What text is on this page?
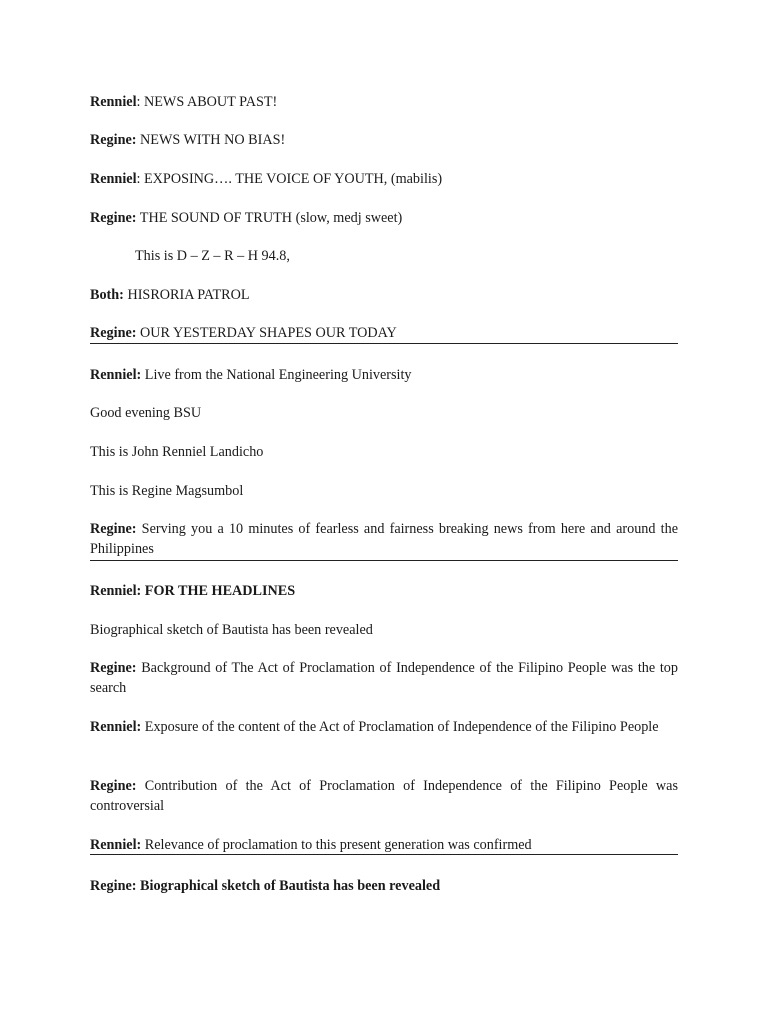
Renniel: NEWS ABOUT PAST!
Regine: NEWS WITH NO BIAS!
Renniel: EXPOSING…. THE VOICE OF YOUTH, (mabilis)
Regine: THE SOUND OF TRUTH (slow, medj sweet)
This is D – Z – R – H 94.8,
Both: HISRORIA PATROL
Regine: OUR YESTERDAY SHAPES OUR TODAY
Renniel: Live from the National Engineering University
Good evening BSU
This is John Renniel Landicho
This is Regine Magsumbol
Regine: Serving you a 10 minutes of fearless and fairness breaking news from here and around the Philippines
Renniel: FOR THE HEADLINES
Biographical sketch of Bautista has been revealed
Regine: Background of The Act of Proclamation of Independence of the Filipino People was the top search
Renniel: Exposure of the content of the Act of Proclamation of Independence of the Filipino People
Regine: Contribution of the Act of Proclamation of Independence of the Filipino People was controversial
Renniel: Relevance of proclamation to this present generation was confirmed
Regine: Biographical sketch of Bautista has been revealed
